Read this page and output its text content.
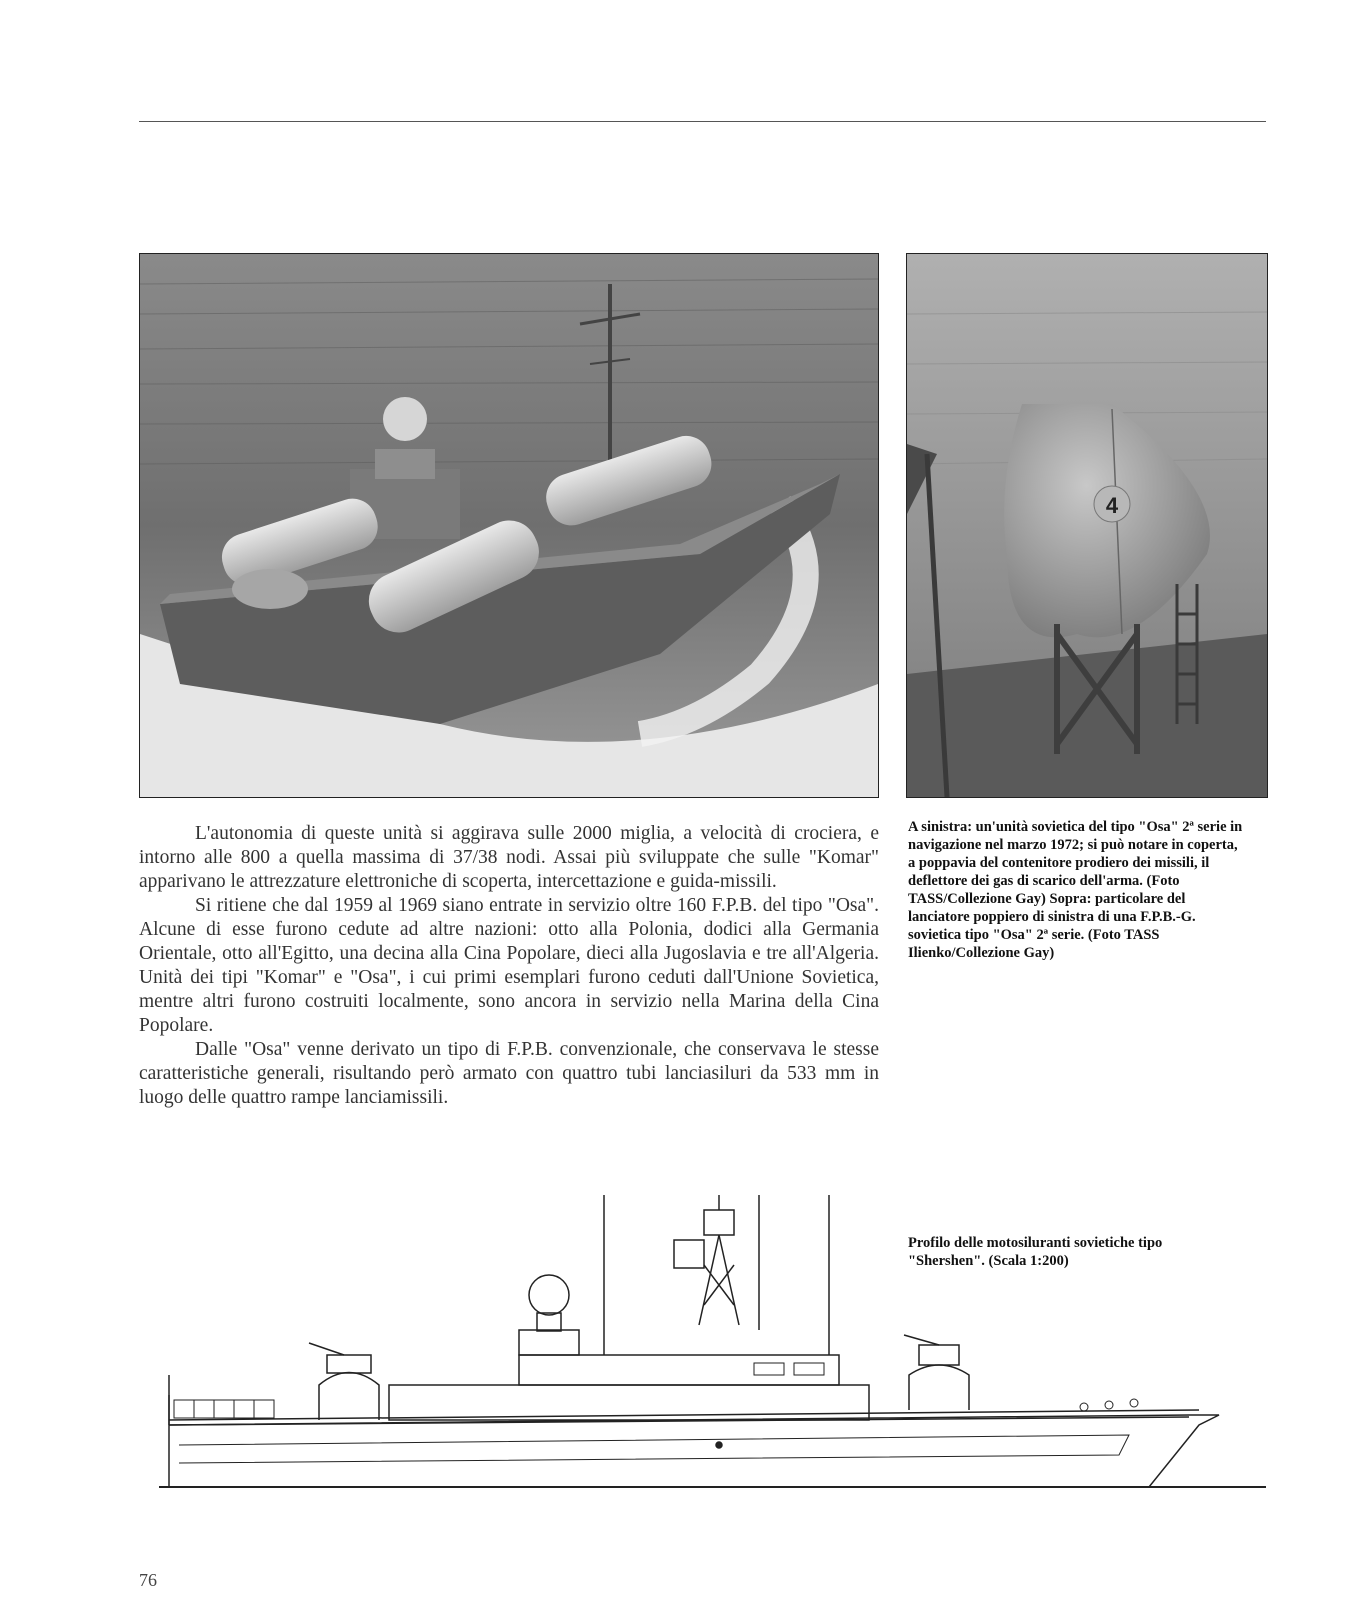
4
A sinistra: un'unità sovietica del tipo "Osa" 2ª serie in navigazione nel marzo 1972; si può notare in coperta, a poppavia del contenitore prodiero dei missili, il deflettore dei gas di scarico dell'arma. (Foto TASS/Collezione Gay) Sopra: particolare del lanciatore poppiero di sinistra di una F.P.B.-G. sovietica tipo "Osa" 2ª serie. (Foto TASS Ilienko/Collezione Gay)

L'autonomia di queste unità si aggirava sulle 2000 miglia, a velocità di crociera, e intorno alle 800 a quella massima di 37/38 nodi. Assai più sviluppate che sulle "Komar" apparivano le attrezzature elettroniche di scoperta, intercettazione e guida-missili.

Si ritiene che dal 1959 al 1969 siano entrate in servizio oltre 160 F.P.B. del tipo "Osa". Alcune di esse furono cedute ad altre nazioni: otto alla Polonia, dodici alla Germania Orientale, otto all'Egitto, una decina alla Cina Popolare, dieci alla Jugoslavia e tre all'Algeria. Unità dei tipi "Komar" e "Osa", i cui primi esemplari furono ceduti dall'Unione Sovietica, mentre altri furono costruiti localmente, sono ancora in servizio nella Marina della Cina Popolare.

Dalle "Osa" venne derivato un tipo di F.P.B. convenzionale, che conservava le stesse caratteristiche generali, risultando però armato con quattro tubi lanciasiluri da 533 mm in luogo delle quattro rampe lanciamissili.

Profilo delle motosiluranti sovietiche tipo "Shershen". (Scala 1:200)
76
